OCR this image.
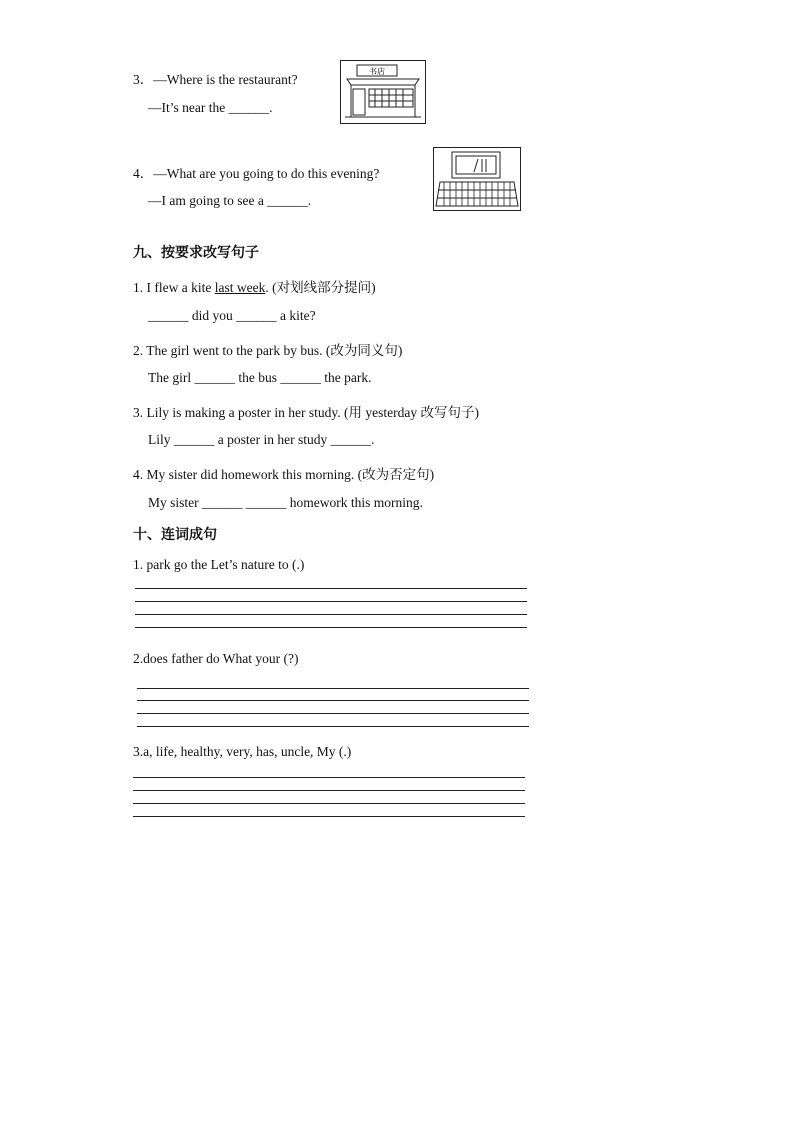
3．—Where is the restaurant?
—It’s near the ______.
书店
4．—What are you going to do this evening?
—I am going to see a ______.
九、按要求改写句子
1. I flew a kite last week. (对划线部分提问)
______ did you ______ a kite?
2. The girl went to the park by bus. (改为同义句)
The girl ______ the bus ______ the park.
3. Lily is making a poster in her study. (用 yesterday 改写句子)
Lily ______ a poster in her study ______.
4. My sister did homework this morning. (改为否定句)
My sister ______ ______ homework this morning.
十、连词成句
1. park go the Let’s nature to (.)
2.does father do What your (?)
3.a, life, healthy, very, has, uncle, My (.)
